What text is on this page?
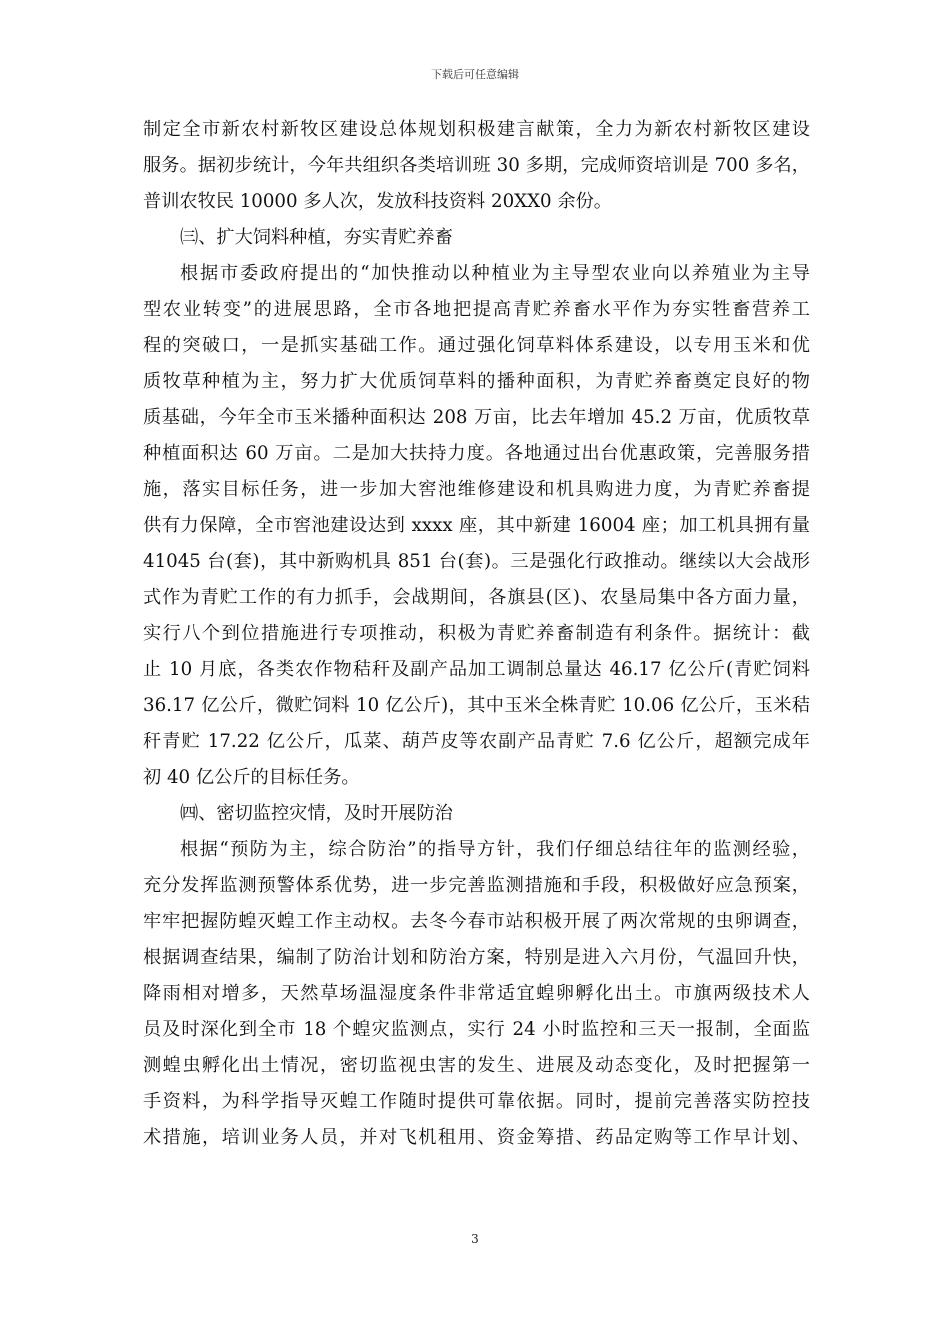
下载后可任意编辑
制定全市新农村新牧区建设总体规划积极建言献策，全力为新农村新牧区建设
服务。据初步统计，今年共组织各类培训班 30 多期，完成师资培训是 700 多名，
普训农牧民 10000 多人次，发放科技资料 20XX0 余份。
㈢、扩大饲料种植，夯实青贮养畜
根据市委政府提出的“加快推动以种植业为主导型农业向以养殖业为主导
型农业转变”的进展思路，全市各地把提高青贮养畜水平作为夯实牲畜营养工
程的突破口，一是抓实基础工作。通过强化饲草料体系建设，以专用玉米和优
质牧草种植为主，努力扩大优质饲草料的播种面积，为青贮养畜奠定良好的物
质基础，今年全市玉米播种面积达 208 万亩，比去年增加 45.2 万亩，优质牧草
种植面积达 60 万亩。二是加大扶持力度。各地通过出台优惠政策，完善服务措
施，落实目标任务，进一步加大窖池维修建设和机具购进力度，为青贮养畜提
供有力保障，全市窖池建设达到 xxxx 座，其中新建 16004 座；加工机具拥有量
41045 台(套)，其中新购机具 851 台(套)。三是强化行政推动。继续以大会战形
式作为青贮工作的有力抓手，会战期间，各旗县(区)、农垦局集中各方面力量，
实行八个到位措施进行专项推动，积极为青贮养畜制造有利条件。据统计：截
止 10 月底，各类农作物秸秆及副产品加工调制总量达 46.17 亿公斤(青贮饲料
36.17 亿公斤，微贮饲料 10 亿公斤)，其中玉米全株青贮 10.06 亿公斤，玉米秸
秆青贮 17.22 亿公斤，瓜菜、葫芦皮等农副产品青贮 7.6 亿公斤，超额完成年
初 40 亿公斤的目标任务。
㈣、密切监控灾情，及时开展防治
根据“预防为主，综合防治”的指导方针，我们仔细总结往年的监测经验，
充分发挥监测预警体系优势，进一步完善监测措施和手段，积极做好应急预案，
牢牢把握防蝗灭蝗工作主动权。去冬今春市站积极开展了两次常规的虫卵调查，
根据调查结果，编制了防治计划和防治方案，特别是进入六月份，气温回升快，
降雨相对增多，天然草场温湿度条件非常适宜蝗卵孵化出土。市旗两级技术人
员及时深化到全市 18 个蝗灾监测点，实行 24 小时监控和三天一报制，全面监
测蝗虫孵化出土情况，密切监视虫害的发生、进展及动态变化，及时把握第一
手资料，为科学指导灭蝗工作随时提供可靠依据。同时，提前完善落实防控技
术措施，培训业务人员，并对飞机租用、资金筹措、药品定购等工作早计划、
3
